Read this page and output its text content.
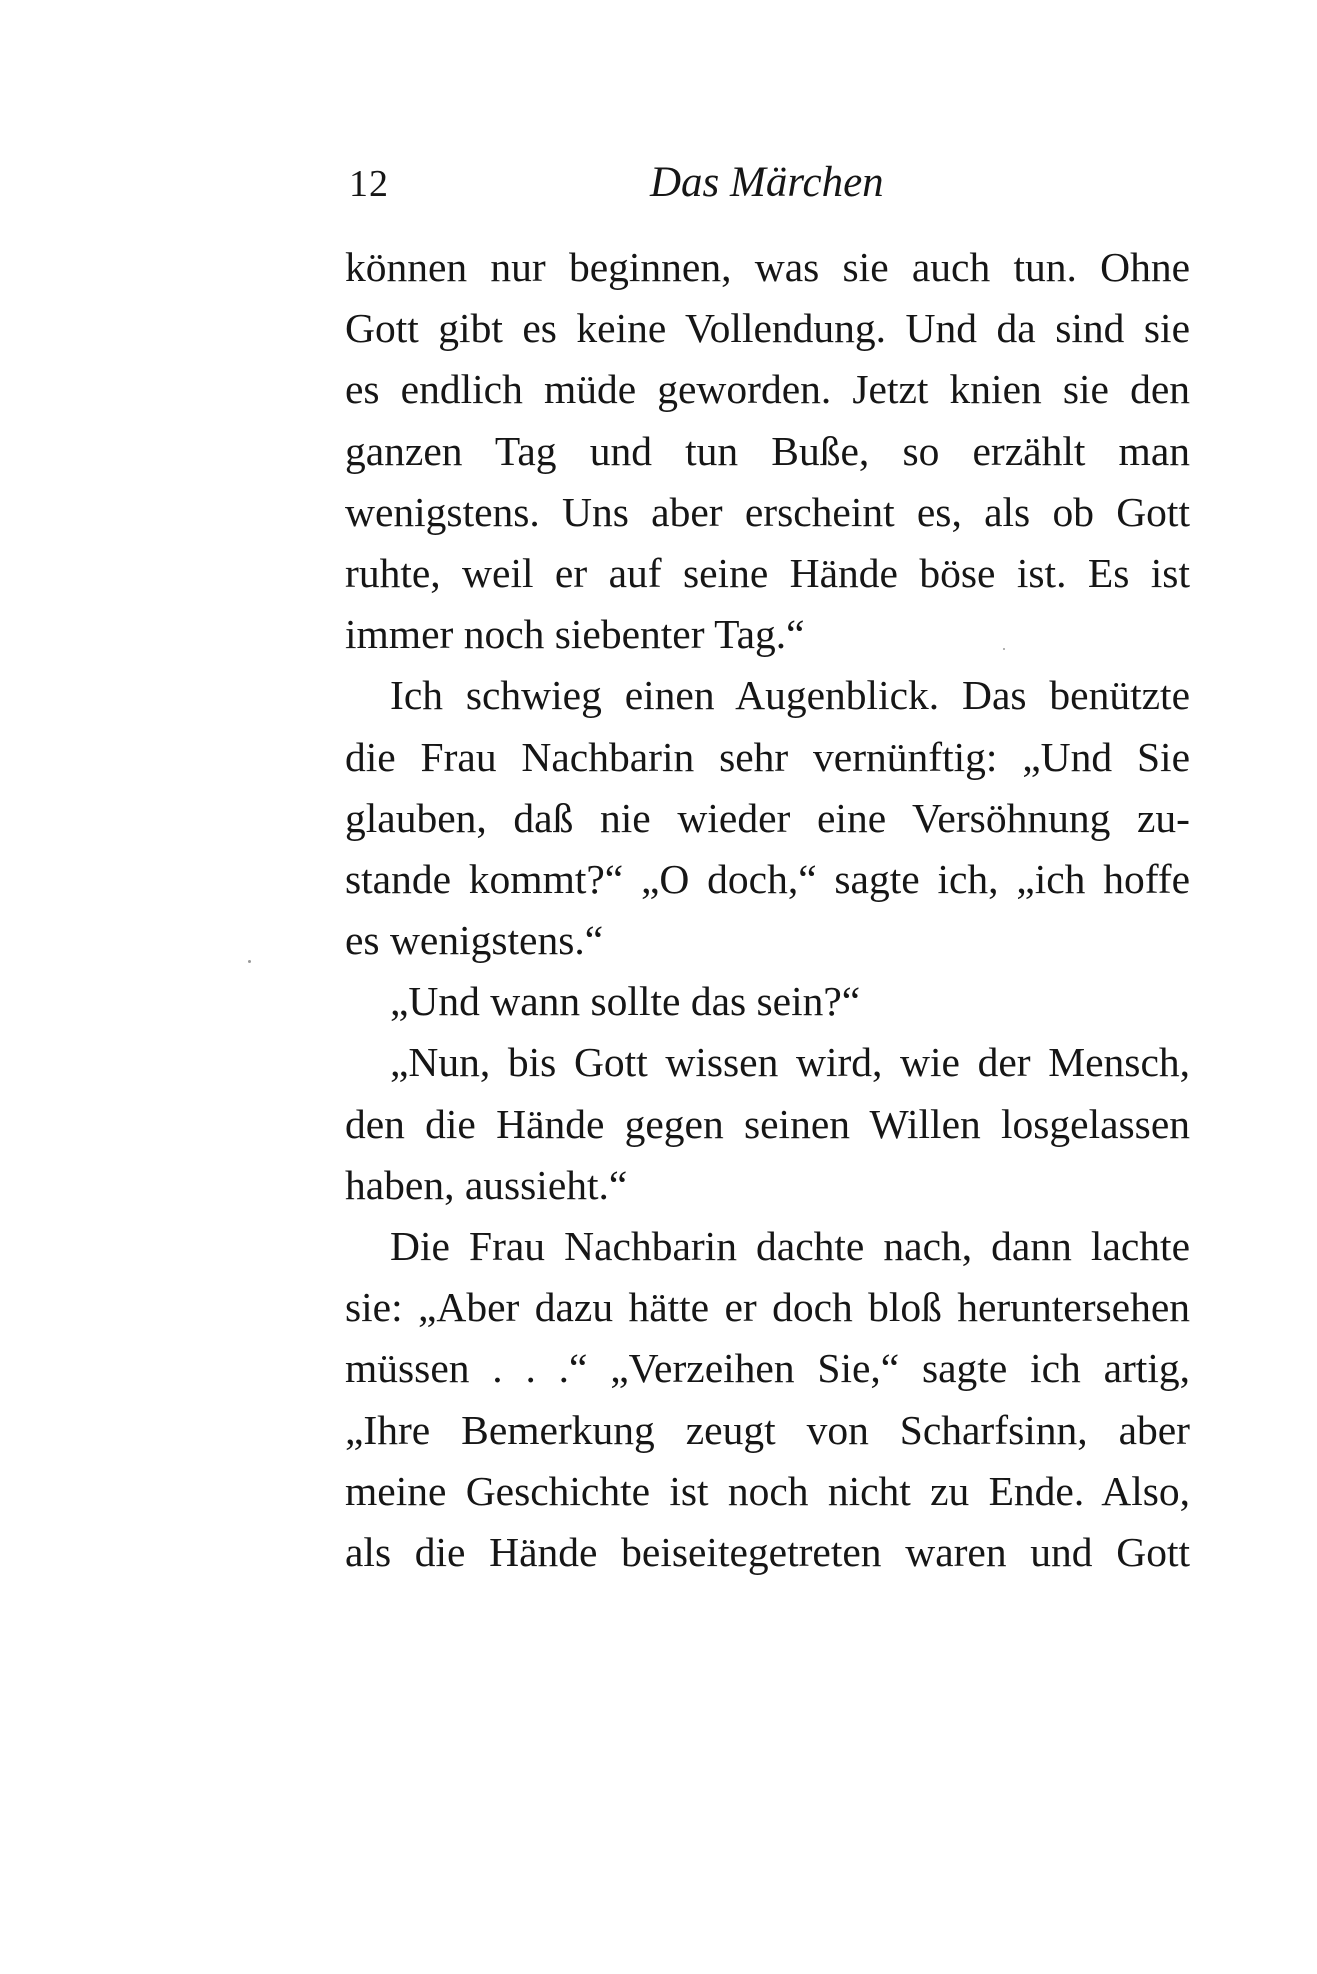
12	Das Märchen
können nur beginnen, was sie auch tun. Ohne
Gott gibt es keine Vollendung. Und da sind sie
es endlich müde geworden. Jetzt knien sie den
ganzen Tag und tun Buße, so erzählt man
wenigstens. Uns aber erscheint es, als ob Gott
ruhte, weil er auf seine Hände böse ist. Es ist
immer noch siebenter Tag.“
Ich schwieg einen Augenblick. Das benützte
die Frau Nachbarin sehr vernünftig: „Und Sie
glauben, daß nie wieder eine Versöhnung zu-
stande kommt?“ „O doch,“ sagte ich, „ich hoffe
es wenigstens.“
„Und wann sollte das sein?“
„Nun, bis Gott wissen wird, wie der Mensch,
den die Hände gegen seinen Willen losgelassen
haben, aussieht.“
Die Frau Nachbarin dachte nach, dann lachte
sie: „Aber dazu hätte er doch bloß heruntersehen
müssen . . .“ „Verzeihen Sie,“ sagte ich artig,
„Ihre Bemerkung zeugt von Scharfsinn, aber
meine Geschichte ist noch nicht zu Ende. Also,
als die Hände beiseitegetreten waren und Gott
